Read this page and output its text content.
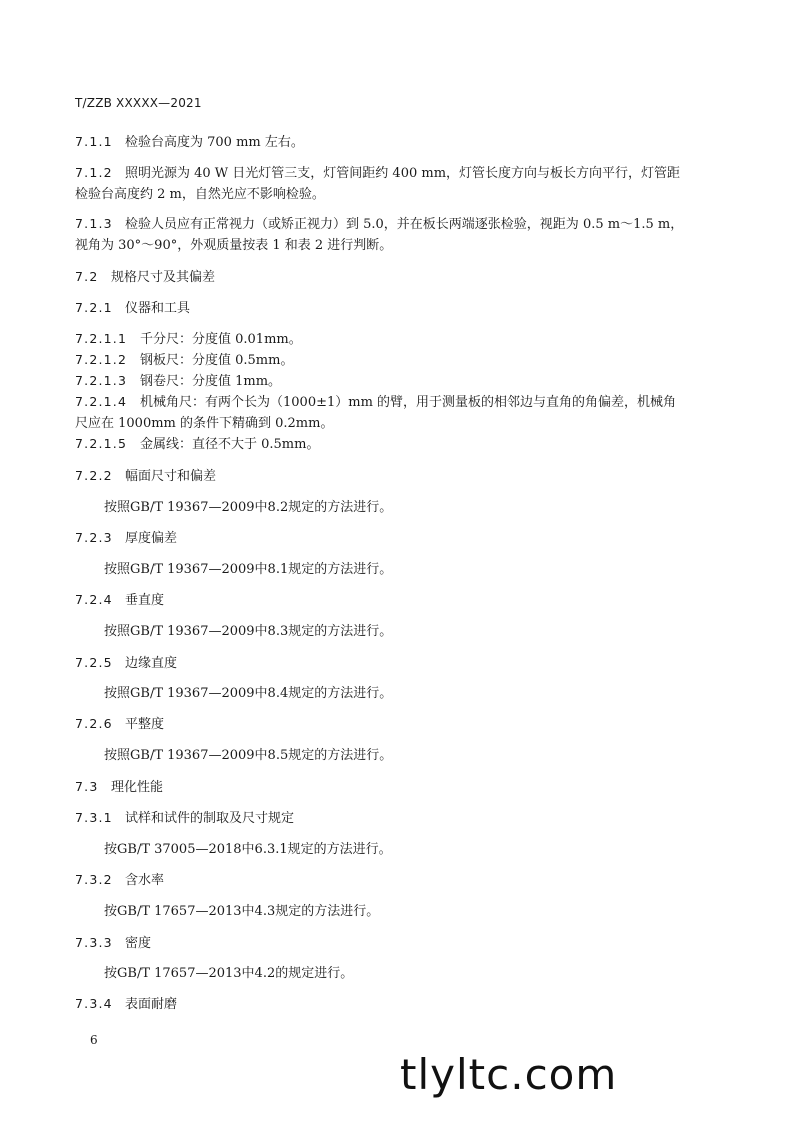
T/ZZB XXXXX—2021
7.1.1 检验台高度为 700 mm 左右。
7.1.2 照明光源为 40 W 日光灯管三支，灯管间距约 400 mm，灯管长度方向与板长方向平行，灯管距
检验台高度约 2 m，自然光应不影响检验。
7.1.3 检验人员应有正常视力（或矫正视力）到 5.0，并在板长两端逐张检验，视距为 0.5 m～1.5 m，
视角为 30°～90°，外观质量按表 1 和表 2 进行判断。
7.2 规格尺寸及其偏差
7.2.1 仪器和工具
7.2.1.1 千分尺：分度值 0.01mm。
7.2.1.2 钢板尺：分度值 0.5mm。
7.2.1.3 钢卷尺：分度值 1mm。
7.2.1.4 机械角尺：有两个长为（1000±1）mm 的臂，用于测量板的相邻边与直角的角偏差，机械角
尺应在 1000mm 的条件下精确到 0.2mm。
7.2.1.5 金属线：直径不大于 0.5mm。
7.2.2 幅面尺寸和偏差
按照GB/T 19367—2009中8.2规定的方法进行。
7.2.3 厚度偏差
按照GB/T 19367—2009中8.1规定的方法进行。
7.2.4 垂直度
按照GB/T 19367—2009中8.3规定的方法进行。
7.2.5 边缘直度
按照GB/T 19367—2009中8.4规定的方法进行。
7.2.6 平整度
按照GB/T 19367—2009中8.5规定的方法进行。
7.3 理化性能
7.3.1 试样和试件的制取及尺寸规定
按GB/T 37005—2018中6.3.1规定的方法进行。
7.3.2 含水率
按GB/T 17657—2013中4.3规定的方法进行。
7.3.3 密度
按GB/T 17657—2013中4.2的规定进行。
7.3.4 表面耐磨
6
tlyltc.com
